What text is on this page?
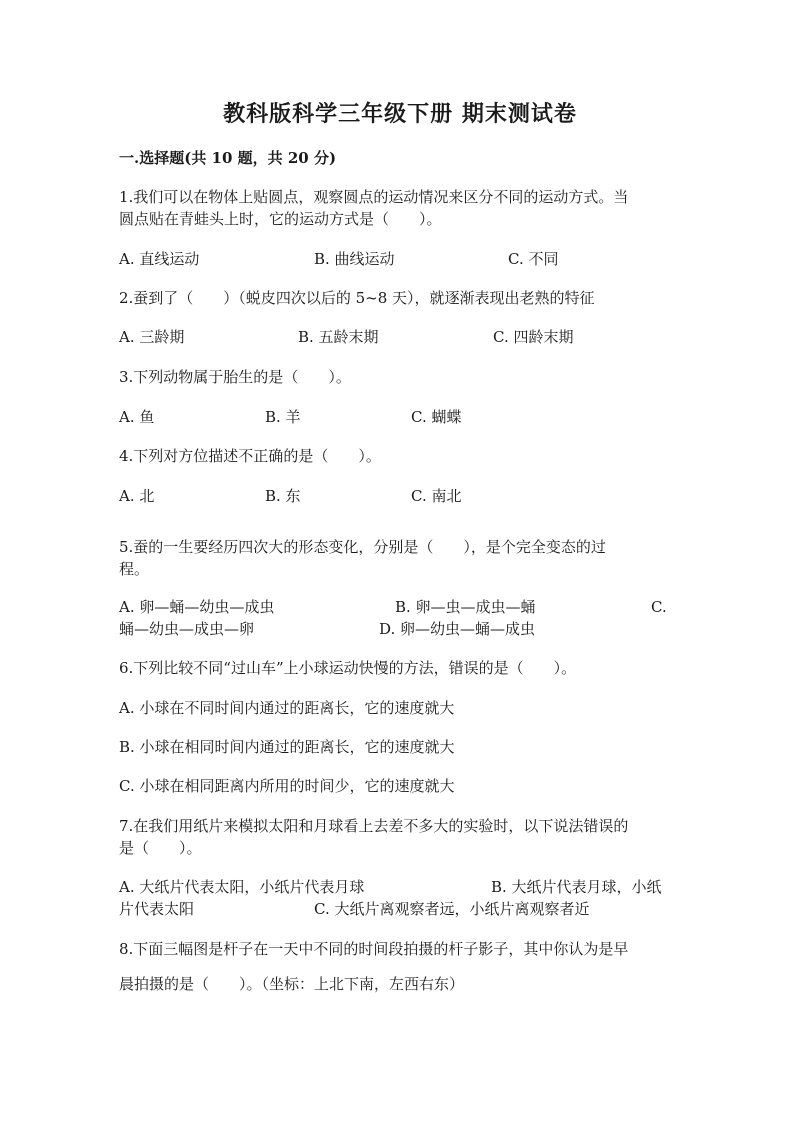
教科版科学三年级下册 期末测试卷
一.选择题(共 10 题，共 20 分)
1.我们可以在物体上贴圆点，观察圆点的运动情况来区分不同的运动方式。当
圆点贴在青蛙头上时，它的运动方式是（　　）。
A. 直线运动	B. 曲线运动	C. 不同
2.蚕到了（　　）（蜕皮四次以后的 5~8 天），就逐渐表现出老熟的特征
A. 三龄期	B. 五龄末期	C. 四龄末期
3.下列动物属于胎生的是（　　）。
A. 鱼	B. 羊	C. 蝴蝶
4.下列对方位描述不正确的是（　　）。
A. 北	B. 东	C. 南北
5.蚕的一生要经历四次大的形态变化，分别是（　　），是个完全变态的过
程。
A. 卵—蛹—幼虫—成虫	B. 卵—虫—成虫—蛹	C.
蛹—幼虫—成虫—卵	D. 卵—幼虫—蛹—成虫
6.下列比较不同“过山车”上小球运动快慢的方法，错误的是（　　）。
A. 小球在不同时间内通过的距离长，它的速度就大
B. 小球在相同时间内通过的距离长，它的速度就大
C. 小球在相同距离内所用的时间少，它的速度就大
7.在我们用纸片来模拟太阳和月球看上去差不多大的实验时，以下说法错误的
是（　　）。
A. 大纸片代表太阳，小纸片代表月球	B. 大纸片代表月球，小纸
片代表太阳	C. 大纸片离观察者远，小纸片离观察者近
8.下面三幅图是杆子在一天中不同的时间段拍摄的杆子影子，其中你认为是早
晨拍摄的是（　　）。（坐标：上北下南，左西右东）
